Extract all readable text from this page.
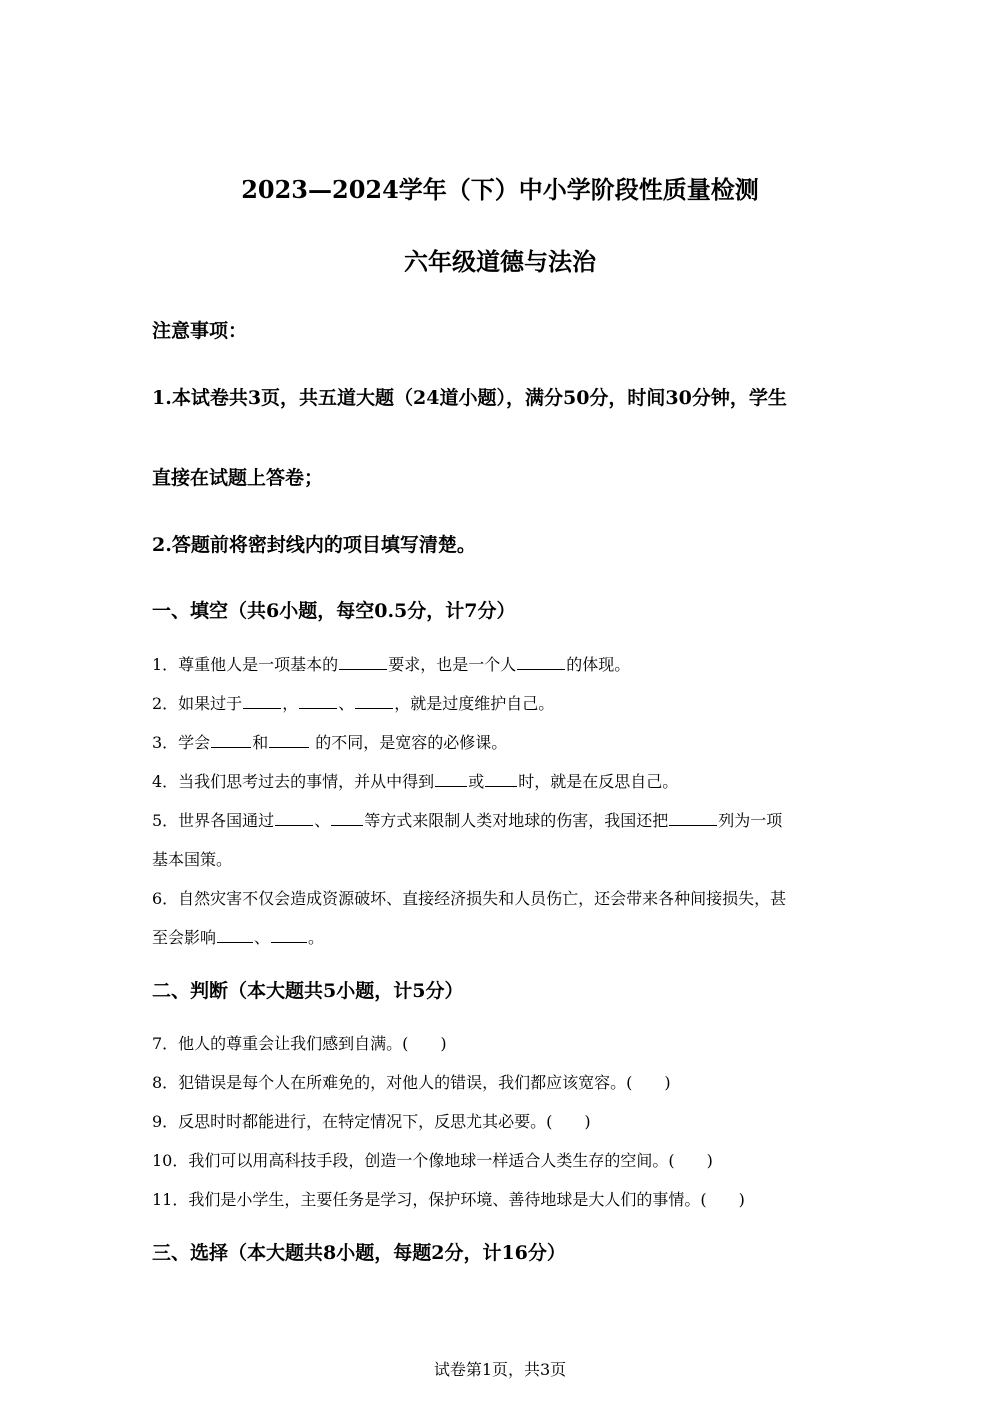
2023—2024学年（下）中小学阶段性质量检测
六年级道德与法治
注意事项：
1.本试卷共3页，共五道大题（24道小题），满分50分，时间30分钟，学生
直接在试题上答卷；
2.答题前将密封线内的项目填写清楚。
一、填空（共6小题，每空0.5分，计7分）
1．尊重他人是一项基本的	要求，也是一个人	的体现。
2．如果过于	，	、	，就是过度维护自己。
3．学会	和	的不同，是宽容的必修课。
4．当我们思考过去的事情，并从中得到 或 时，就是在反思自己。
5．世界各国通过	、 等方式来限制人类对地球的伤害，我国还把	列为一项
基本国策。
6．自然灾害不仅会造成资源破坏、直接经济损失和人员伤亡，还会带来各种间接损失，甚
至会影响 、 。
二、判断（本大题共5小题，计5分）
7．他人的尊重会让我们感到自满。(　　)
8．犯错误是每个人在所难免的，对他人的错误，我们都应该宽容。(　　)
9．反思时时都能进行，在特定情况下，反思尤其必要。(　　)
10．我们可以用高科技手段，创造一个像地球一样适合人类生存的空间。(　　)
11．我们是小学生，主要任务是学习，保护环境、善待地球是大人们的事情。(　　)
三、选择（本大题共8小题，每题2分，计16分）
试卷第1页，共3页
